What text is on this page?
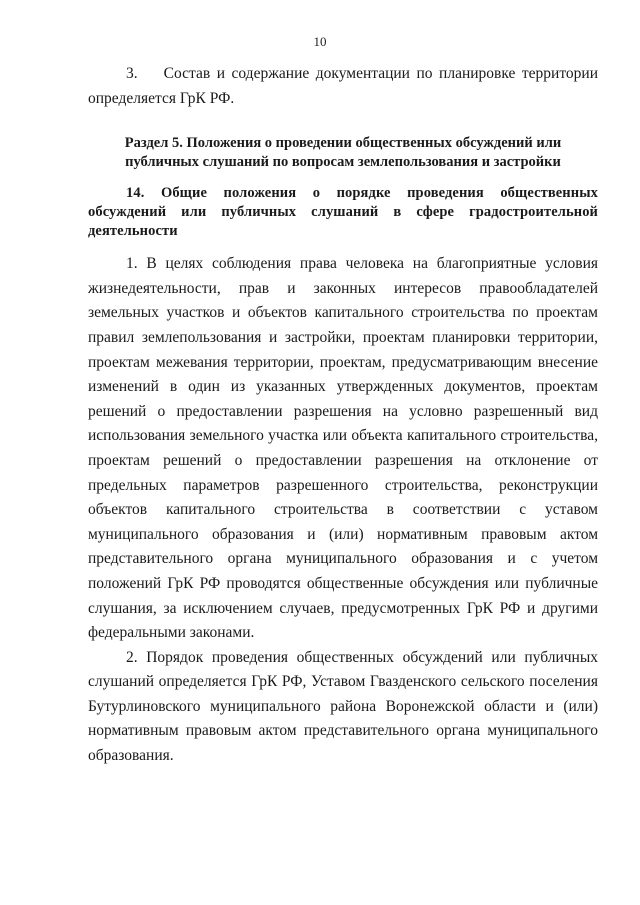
10

3.    Состав и содержание документации по планировке территории определяется ГрК РФ.

Раздел 5. Положения о проведении общественных обсуждений или публичных слушаний по вопросам землепользования и застройки

14. Общие положения о порядке проведения общественных обсуждений или публичных слушаний в сфере градостроительной деятельности

1. В целях соблюдения права человека на благоприятные условия жизнедеятельности, прав и законных интересов правообладателей земельных участков и объектов капитального строительства по проектам правил землепользования и застройки, проектам планировки территории, проектам межевания территории, проектам, предусматривающим внесение изменений в один из указанных утвержденных документов, проектам решений о предоставлении разрешения на условно разрешенный вид использования земельного участка или объекта капитального строительства, проектам решений о предоставлении разрешения на отклонение от предельных параметров разрешенного строительства, реконструкции объектов капитального строительства в соответствии с уставом муниципального образования и (или) нормативным правовым актом представительного органа муниципального образования и с учетом положений ГрК РФ проводятся общественные обсуждения или публичные слушания, за исключением случаев, предусмотренных ГрК РФ и другими федеральными законами.

2. Порядок проведения общественных обсуждений или публичных слушаний определяется ГрК РФ, Уставом Гвазденского сельского поселения Бутурлиновского муниципального района Воронежской области и (или) нормативным правовым актом представительного органа муниципального образования.
